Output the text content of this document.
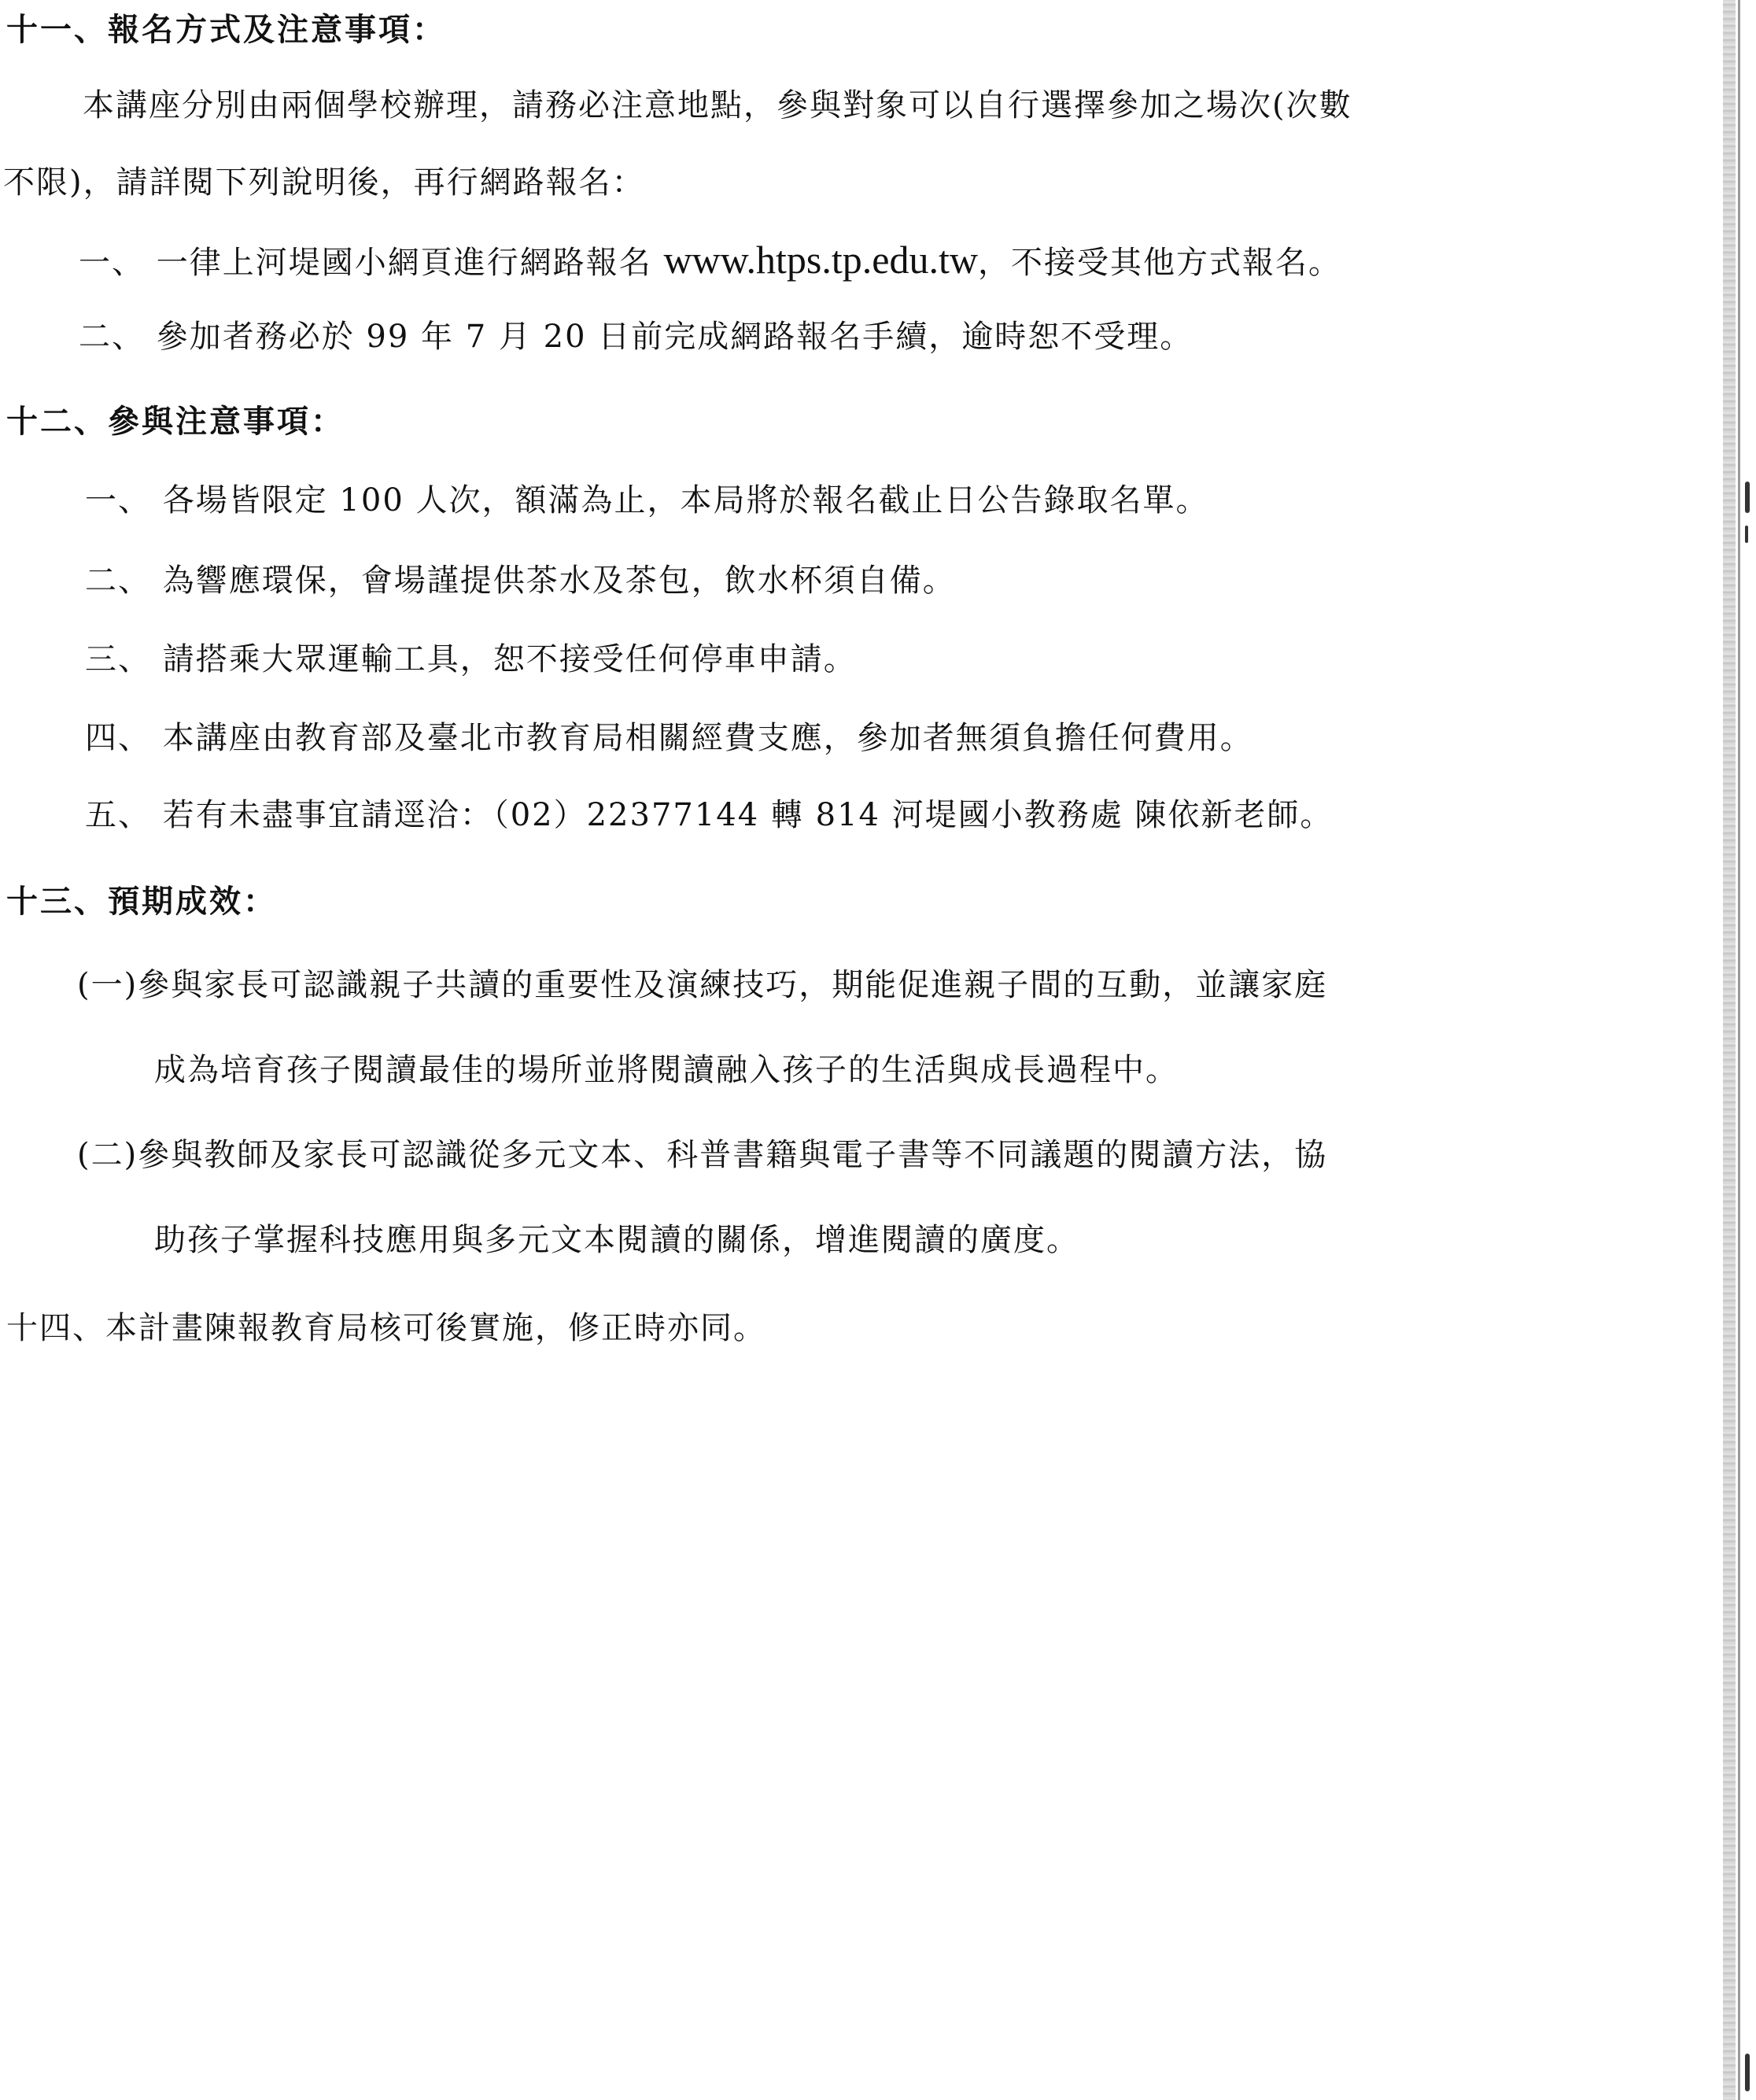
十一、報名方式及注意事項：
本講座分別由兩個學校辦理，請務必注意地點，參與對象可以自行選擇參加之場次(次數
不限)，請詳閱下列說明後，再行網路報名：
一、 一律上河堤國小網頁進行網路報名 www.htps.tp.edu.tw，不接受其他方式報名。
二、 參加者務必於 99 年 7 月 20 日前完成網路報名手續，逾時恕不受理。
十二、參與注意事項：
一、 各場皆限定 100 人次，額滿為止，本局將於報名截止日公告錄取名單。
二、 為響應環保，會場謹提供茶水及茶包，飲水杯須自備。
三、 請搭乘大眾運輸工具，恕不接受任何停車申請。
四、 本講座由教育部及臺北市教育局相關經費支應，參加者無須負擔任何費用。
五、 若有未盡事宜請逕洽：（02）22377144 轉 814 河堤國小教務處 陳依新老師。
十三、預期成效：
(一)參與家長可認識親子共讀的重要性及演練技巧，期能促進親子間的互動，並讓家庭
成為培育孩子閱讀最佳的場所並將閱讀融入孩子的生活與成長過程中。
(二)參與教師及家長可認識從多元文本、科普書籍與電子書等不同議題的閱讀方法，協
助孩子掌握科技應用與多元文本閱讀的關係，增進閱讀的廣度。
十四、本計畫陳報教育局核可後實施，修正時亦同。
